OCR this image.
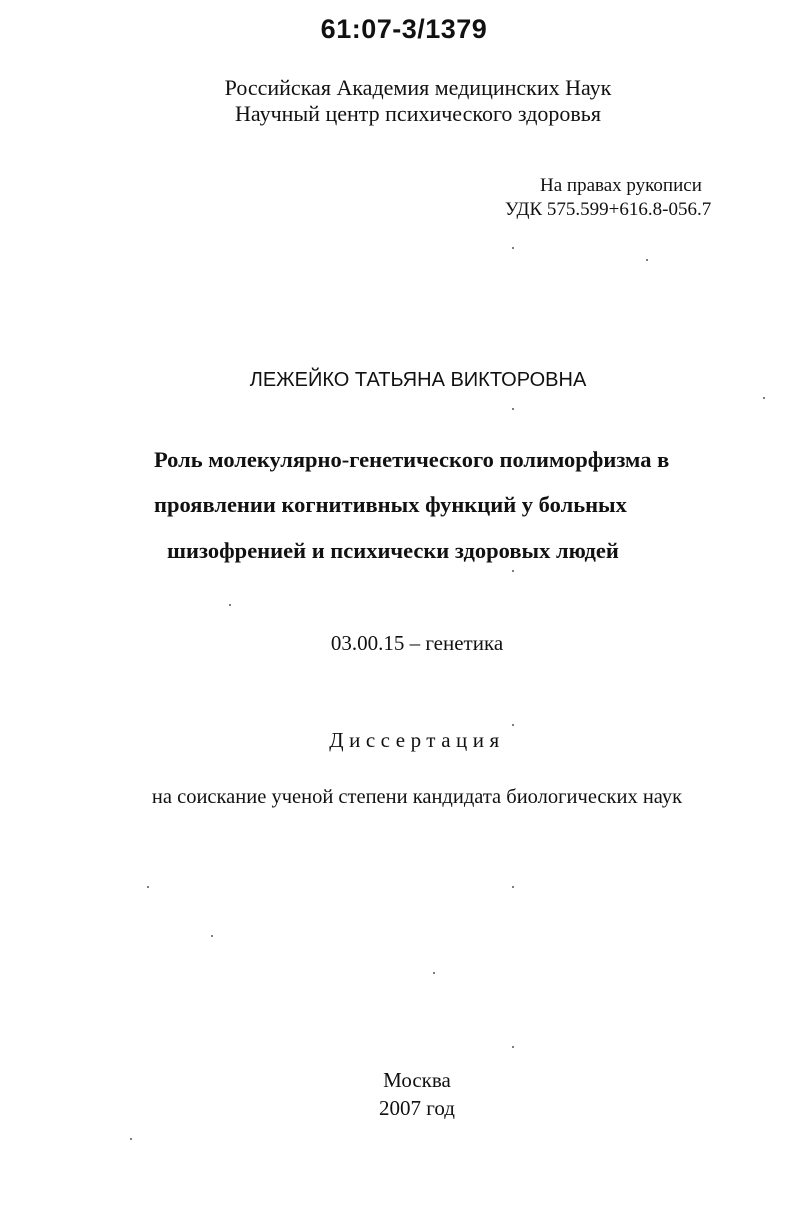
61:07-3/1379

Российская Академия медицинских Наук

Научный центр психического здоровья

На правах рукописи

УДК 575.599+616.8-056.7

ЛЕЖЕЙКО ТАТЬЯНА ВИКТОРОВНА

Роль молекулярно-генетического полиморфизма в

проявлении когнитивных функций у больных

шизофренией и психически здоровых людей

03.00.15 – генетика

Диссертация

на соискание ученой степени кандидата биологических наук

Москва

2007 год
